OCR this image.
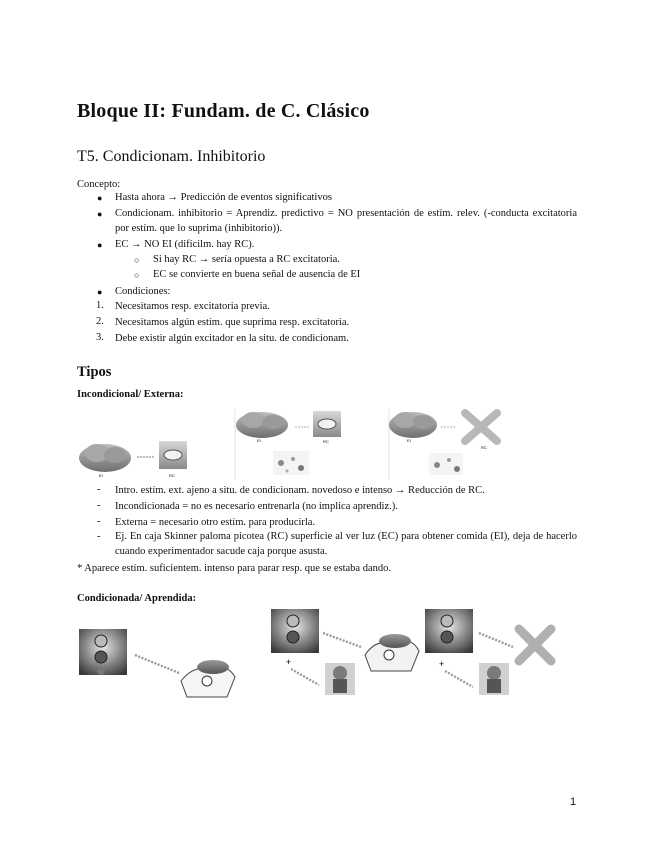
Bloque II: Fundam. de C. Clásico
T5. Condicionam. Inhibitorio
Concepto:
● Hasta ahora → Predicción de eventos significativos
● Condicionam. inhibitorio = Aprendiz. predictivo = NO presentación de estím. relev. (-conducta excitatoria por estím. que lo suprima (inhibitorio)).
● EC → NO EI (difícilm. hay RC).
○ Si hay RC → sería opuesta a RC excitatoria.
○ EC se convierte en buena señal de ausencia de EI
● Condiciones:
1. Necesitamos resp. excitatoria previa.
2. Necesitamos algún estím. que suprima resp. excitatoria.
3. Debe existir algún excitador en la situ. de condicionam.
Tipos
Incondicional/ Externa:
EI	RC
EI	RC	EI
RC
- Intro. estím. ext. ajeno a situ. de condicionam. novedoso e intenso → Reducción de RC.
- Incondicionada = no es necesario entrenarla (no implica aprendiz.).
- Externa = necesario otro estím. para producirla.
- Ej. En caja Skinner paloma picotea (RC) superficie al ver luz (EC) para obtener comida (EI), deja de hacerlo cuando experimentador sacude caja porque asusta.
* Aparece estím. suficientem. intenso para parar resp. que se estaba dando.
Condicionada/ Aprendida:
+	+
1
